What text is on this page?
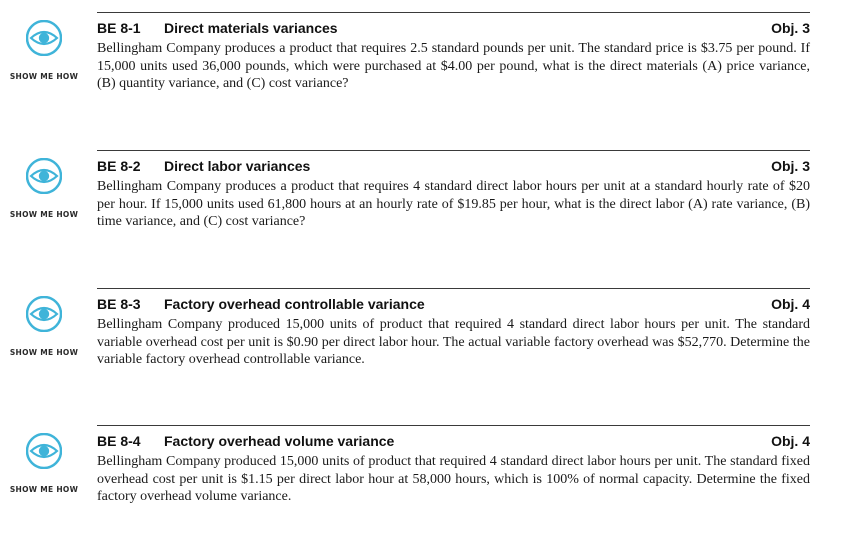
SHOW ME HOW
BE 8-1 Direct materials variances	Obj. 3
Bellingham Company produces a product that requires 2.5 standard pounds per unit. The standard price is $3.75 per pound. If 15,000 units used 36,000 pounds, which were purchased at $4.00 per pound, what is the direct materials (A) price variance, (B) quantity variance, and (C) cost variance?
SHOW ME HOW
BE 8-2 Direct labor variances	Obj. 3
Bellingham Company produces a product that requires 4 standard direct labor hours per unit at a standard hourly rate of $20 per hour. If 15,000 units used 61,800 hours at an hourly rate of $19.85 per hour, what is the direct labor (A) rate variance, (B) time variance, and (C) cost variance?
SHOW ME HOW
BE 8-3 Factory overhead controllable variance	Obj. 4
Bellingham Company produced 15,000 units of product that required 4 standard direct labor hours per unit. The standard variable overhead cost per unit is $0.90 per direct labor hour. The actual variable factory overhead was $52,770. Determine the variable factory overhead controllable variance.
SHOW ME HOW
BE 8-4 Factory overhead volume variance	Obj. 4
Bellingham Company produced 15,000 units of product that required 4 standard direct labor hours per unit. The standard fixed overhead cost per unit is $1.15 per direct labor hour at 58,000 hours, which is 100% of normal capacity. Determine the fixed factory overhead volume variance.
